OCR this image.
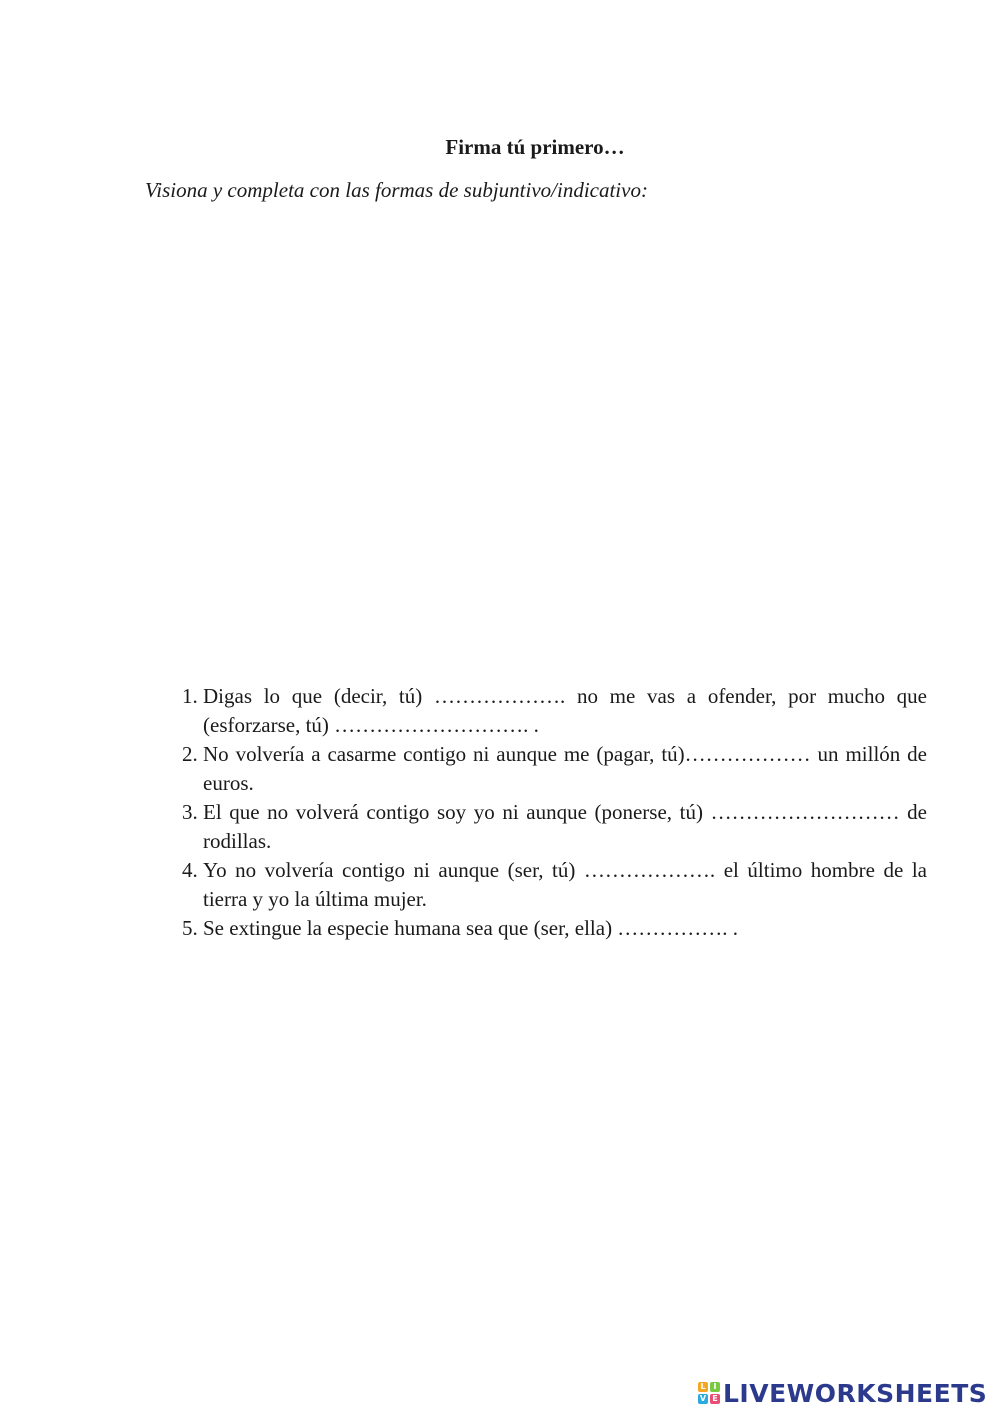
Firma tú primero…
Visiona y completa con las formas de subjuntivo/indicativo:
1. Digas lo que (decir, tú) ………………. no me vas a ofender, por mucho que (esforzarse, tú) ………………………. .
2. No volvería a casarme contigo ni aunque me (pagar, tú)……………… un millón de euros.
3. El que no volverá contigo soy yo ni aunque (ponerse, tú) ……………………… de rodillas.
4. Yo no volvería contigo ni aunque (ser, tú) ………………. el último hombre de la tierra y yo la última mujer.
5. Se extingue la especie humana sea que (ser, ella) ……………. .
L I
V E LIVEWORKSHEETS
